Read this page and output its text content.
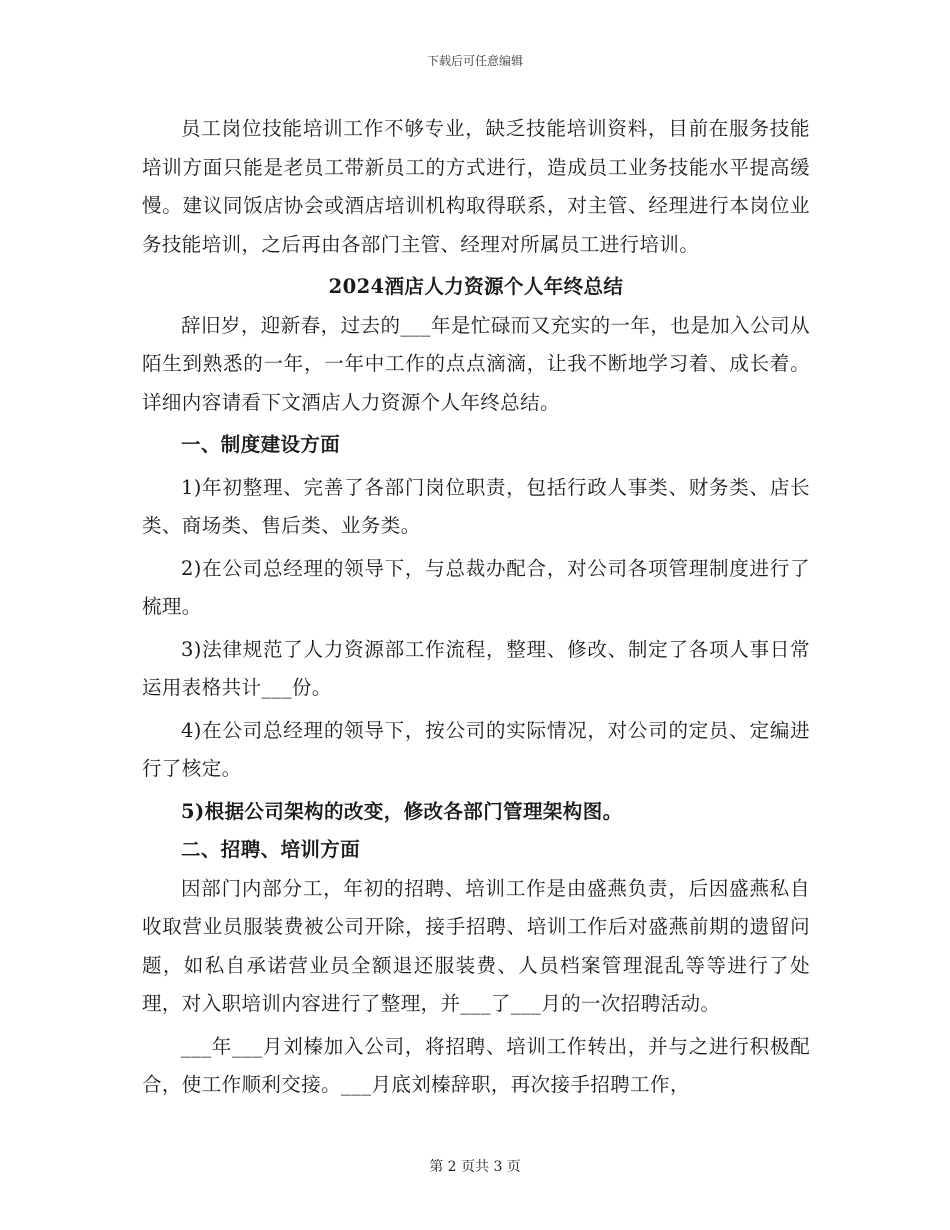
下载后可任意编辑

员工岗位技能培训工作不够专业，缺乏技能培训资料，目前在服务技能培训方面只能是老员工带新员工的方式进行，造成员工业务技能水平提高缓慢。建议同饭店协会或酒店培训机构取得联系，对主管、经理进行本岗位业务技能培训，之后再由各部门主管、经理对所属员工进行培训。

2024酒店人力资源个人年终总结

辞旧岁，迎新春，过去的___年是忙碌而又充实的一年，也是加入公司从陌生到熟悉的一年，一年中工作的点点滴滴，让我不断地学习着、成长着。详细内容请看下文酒店人力资源个人年终总结。

一、制度建设方面

1)年初整理、完善了各部门岗位职责，包括行政人事类、财务类、店长类、商场类、售后类、业务类。

2)在公司总经理的领导下，与总裁办配合，对公司各项管理制度进行了梳理。

3)法律规范了人力资源部工作流程，整理、修改、制定了各项人事日常运用表格共计___份。

4)在公司总经理的领导下，按公司的实际情况，对公司的定员、定编进行了核定。

5)根据公司架构的改变，修改各部门管理架构图。

二、招聘、培训方面

因部门内部分工，年初的招聘、培训工作是由盛燕负责，后因盛燕私自收取营业员服装费被公司开除，接手招聘、培训工作后对盛燕前期的遗留问题，如私自承诺营业员全额退还服装费、人员档案管理混乱等等进行了处理，对入职培训内容进行了整理，并___了___月的一次招聘活动。

___年___月刘榛加入公司，将招聘、培训工作转出，并与之进行积极配合，使工作顺利交接。___月底刘榛辞职，再次接手招聘工作，

第 2 页共 3 页
